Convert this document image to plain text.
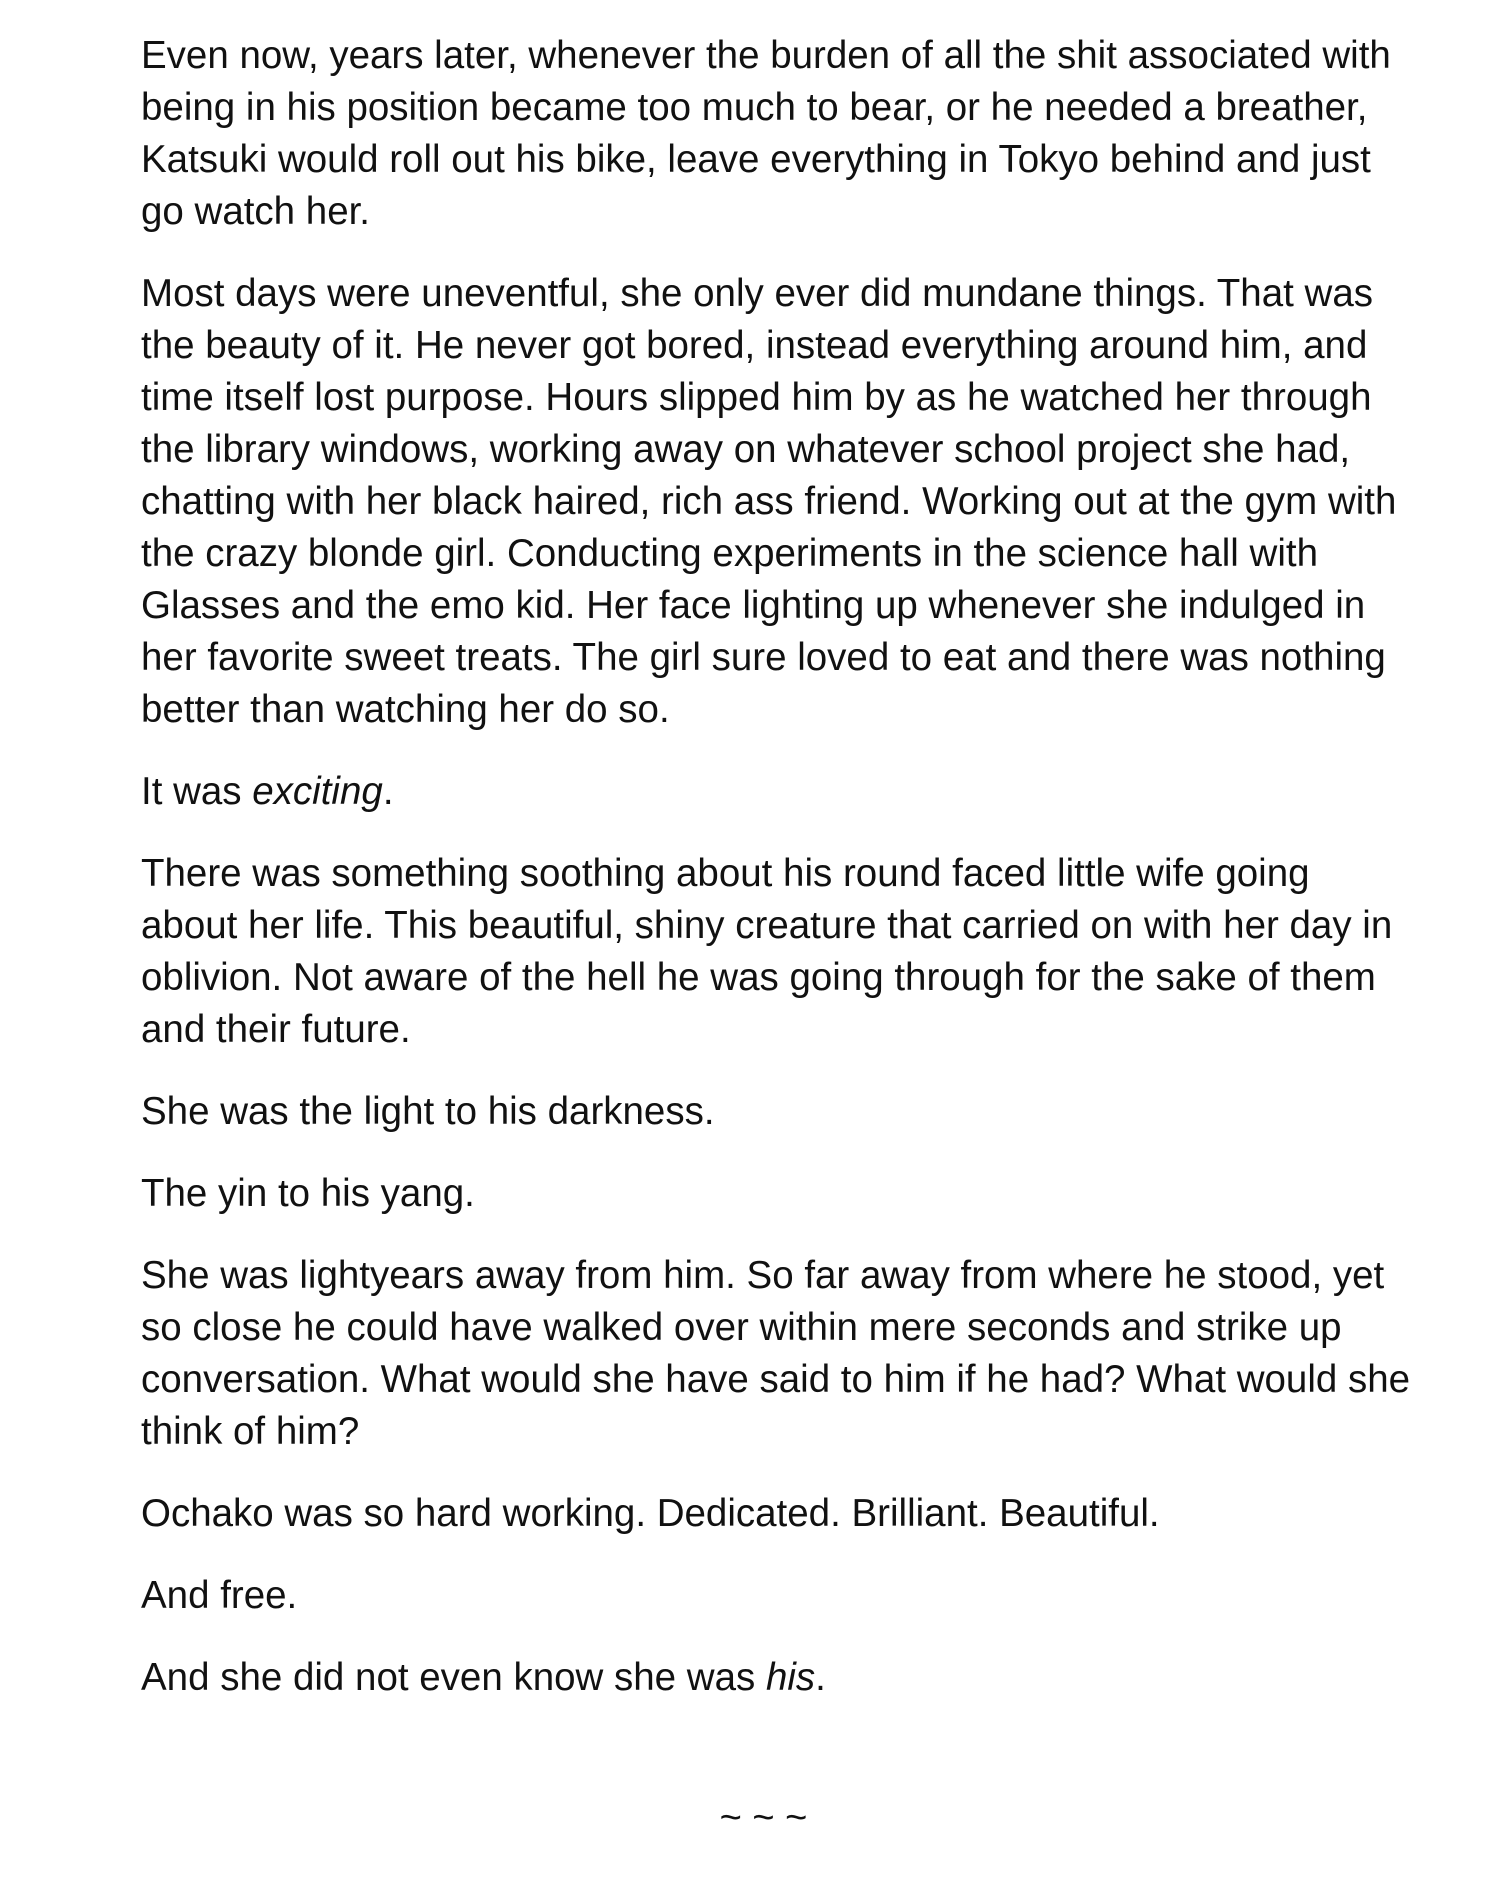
Even now, years later, whenever the burden of all the shit associated with being in his position became too much to bear, or he needed a breather, Katsuki would roll out his bike, leave everything in Tokyo behind and just go watch her.

Most days were uneventful, she only ever did mundane things. That was the beauty of it. He never got bored, instead everything around him, and time itself lost purpose. Hours slipped him by as he watched her through the library windows, working away on whatever school project she had, chatting with her black haired, rich ass friend. Working out at the gym with the crazy blonde girl. Conducting experiments in the science hall with Glasses and the emo kid. Her face lighting up whenever she indulged in her favorite sweet treats. The girl sure loved to eat and there was nothing better than watching her do so.

It was exciting.

There was something soothing about his round faced little wife going about her life. This beautiful, shiny creature that carried on with her day in oblivion. Not aware of the hell he was going through for the sake of them and their future.

She was the light to his darkness.

The yin to his yang.

She was lightyears away from him. So far away from where he stood, yet so close he could have walked over within mere seconds and strike up conversation. What would she have said to him if he had? What would she think of him?

Ochako was so hard working. Dedicated. Brilliant. Beautiful.

And free.

And she did not even know she was his.

~ ~ ~
